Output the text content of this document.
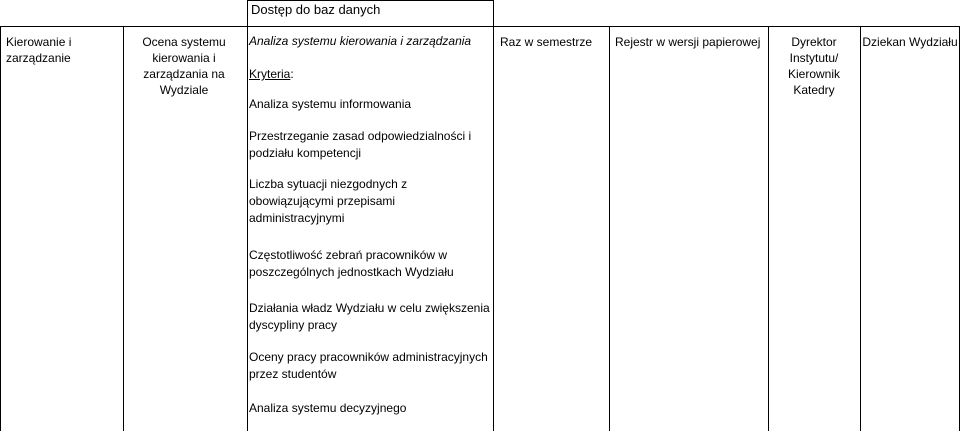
Dostęp do baz danych
Kierowanie i zarządzanie
Ocena systemu kierowania i zarządzania na Wydziale
Analiza systemu kierowania i zarządzania
Kryteria:
Analiza systemu informowania
Przestrzeganie zasad odpowiedzialności i podziału kompetencji
Liczba sytuacji niezgodnych z obowiązującymi przepisami administracyjnymi
Częstotliwość zebrań pracowników w poszczególnych jednostkach Wydziału
Działania władz Wydziału w celu zwiększenia dyscypliny pracy
Oceny pracy pracowników administracyjnych przez studentów
Analiza systemu decyzyjnego
Raz w semestrze	Rejestr w wersji papierowej	Dyrektor Instytutu/ Kierownik Katedry
Dziekan Wydziału
